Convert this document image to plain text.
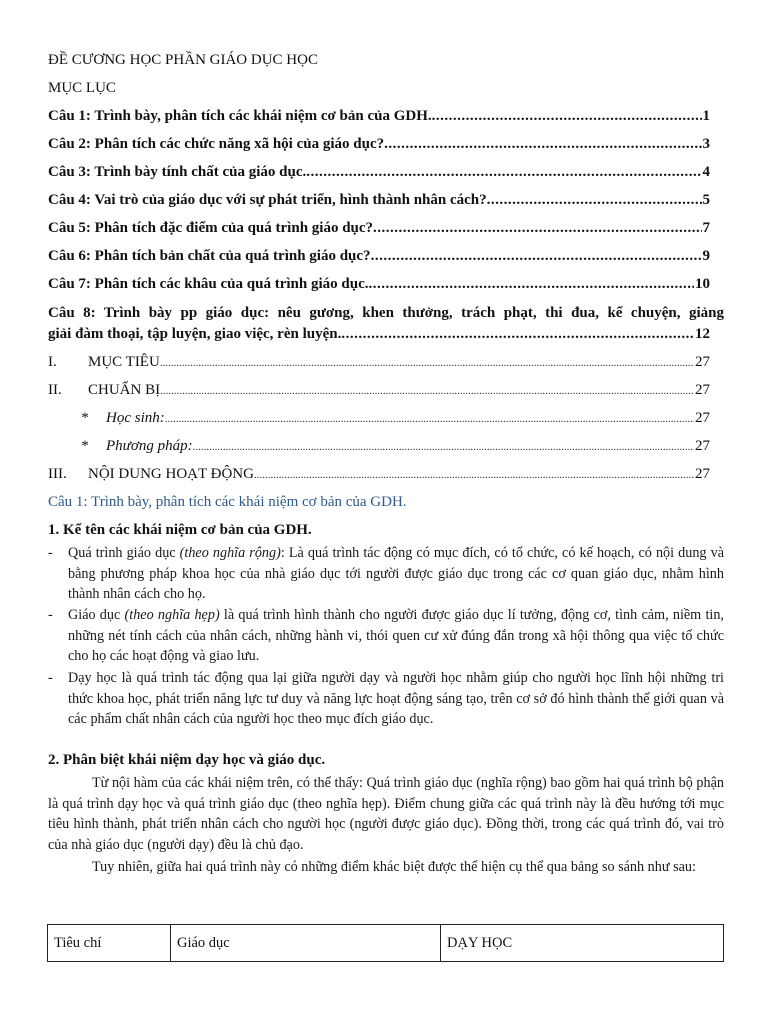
ĐỀ CƯƠNG HỌC PHẦN GIÁO DỤC HỌC
MỤC LỤC
Câu 1: Trình bày, phân tích các khái niệm cơ bản của GDH. .....	1
Câu 2: Phân tích các chức năng xã hội của giáo dục? .....	3
Câu 3: Trình bày tính chất của giáo dục. .....	4
Câu 4: Vai trò của giáo dục với sự phát triển, hình thành nhân cách? .....	5
Câu 5: Phân tích đặc điểm của quá trình giáo dục? .....	7
Câu 6: Phân tích bản chất của quá trình giáo dục? .....	9
Câu 7: Phân tích các khâu của quá trình giáo dục. .....	10
Câu 8: Trình bày pp giáo dục: nêu gương, khen thưởng, trách phạt, thi đua, kể chuyện, giảng
giải đàm thoại, tập luyện, giao việc, rèn luyện. .....	12
I.	MỤC TIÊU .....	27
II.	CHUẨN BỊ .....	27
*	Học sinh: .....	27
*	Phương pháp: .....	27
III.	NỘI DUNG HOẠT ĐỘNG .....	27
Câu 1: Trình bày, phân tích các khái niệm cơ bản của GDH.
1. Kể tên các khái niệm cơ bản của GDH.
- Quá trình giáo dục (theo nghĩa rộng): Là quá trình tác động có mục đích, có tổ chức, có kế hoạch, có nội dung và bằng phương pháp khoa học của nhà giáo dục tới người được giáo dục trong các cơ quan giáo dục, nhằm hình thành nhân cách cho họ.
- Giáo dục (theo nghĩa hẹp) là quá trình hình thành cho người được giáo dục lí tưởng, động cơ, tình cảm, niềm tin, những nét tính cách của nhân cách, những hành vi, thói quen cư xử đúng đắn trong xã hội thông qua việc tổ chức cho họ các hoạt động và giao lưu.
- Dạy học là quá trình tác động qua lại giữa người dạy và người học nhằm giúp cho người học lĩnh hội những tri thức khoa học, phát triển năng lực tư duy và năng lực hoạt động sáng tạo, trên cơ sở đó hình thành thế giới quan và các phẩm chất nhân cách của người học theo mục đích giáo dục.
2. Phân biệt khái niệm dạy học và giáo dục.
Từ nội hàm của các khái niệm trên, có thể thấy: Quá trình giáo dục (nghĩa rộng) bao gồm hai quá trình bộ phận là quá trình dạy học và quá trình giáo dục (theo nghĩa hẹp). Điểm chung giữa các quá trình này là đều hướng tới mục tiêu hình thành, phát triển nhân cách cho người học (người được giáo dục). Đồng thời, trong các quá trình đó, vai trò của nhà giáo dục (người dạy) đều là chủ đạo.
Tuy nhiên, giữa hai quá trình này có những điểm khác biệt được thể hiện cụ thể qua bảng so sánh như sau:
Tiêu chí	Giáo dục	DẠY HỌC
